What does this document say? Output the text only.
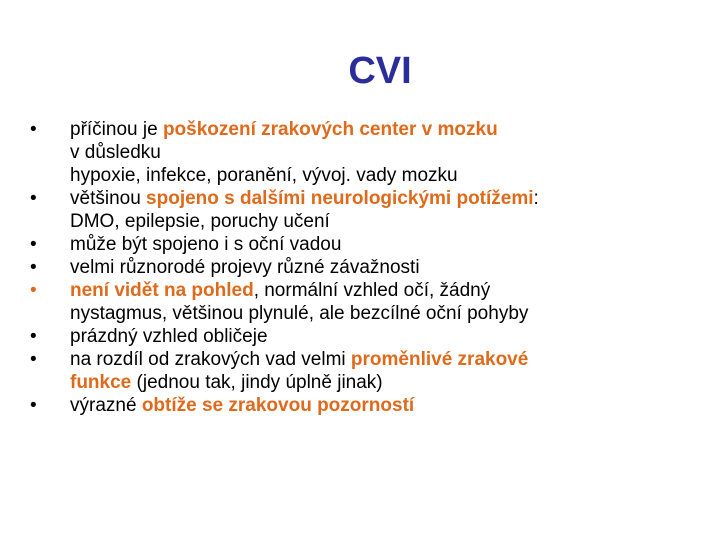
CVI
•	příčinou je poškození zrakových center v mozku
v důsledku
hypoxie, infekce, poranění, vývoj. vady mozku
•	většinou spojeno s dalšími neurologickými potížemi:
DMO, epilepsie, poruchy učení
•	může být spojeno i s oční vadou
•	velmi různorodé projevy různé závažnosti
•	není vidět na pohled, normální vzhled očí, žádný
nystagmus, většinou plynulé, ale bezcílné oční pohyby
•	prázdný vzhled obličeje
•	na rozdíl od zrakových vad velmi proměnlivé zrakové
funkce (jednou tak, jindy úplně jinak)
•	výrazné obtíže se zrakovou pozorností
